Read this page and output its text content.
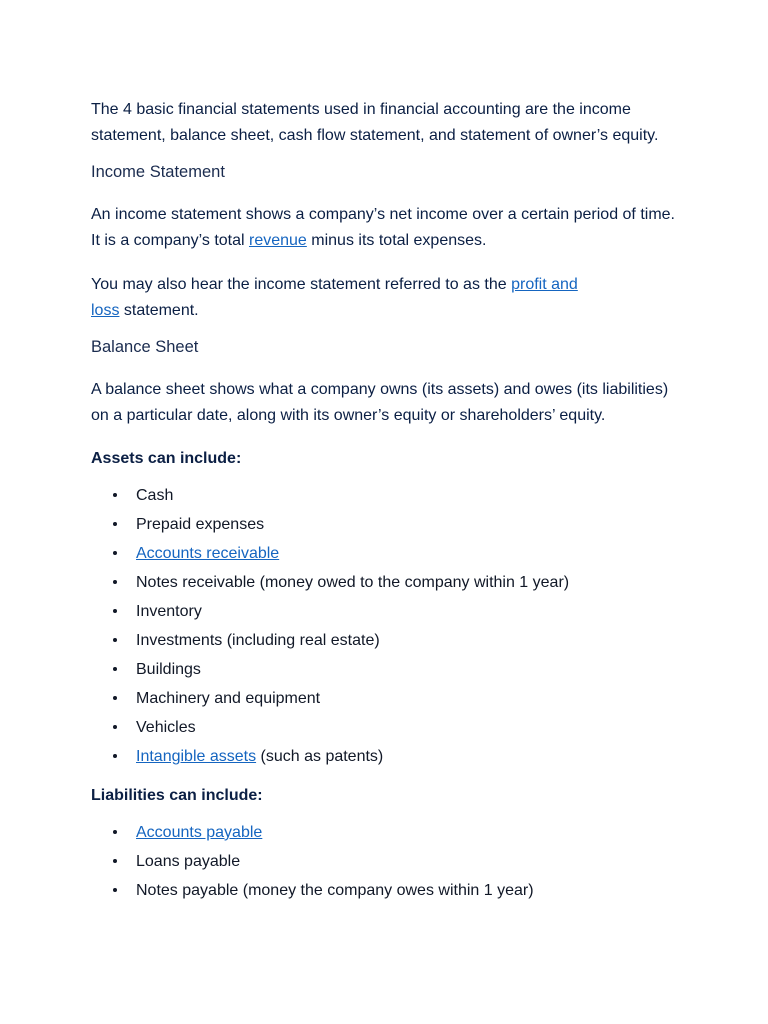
The 4 basic financial statements used in financial accounting are the income statement, balance sheet, cash flow statement, and statement of owner’s equity.

Income Statement

An income statement shows a company’s net income over a certain period of time.
It is a company’s total revenue minus its total expenses.

You may also hear the income statement referred to as the profit and
loss statement.

Balance Sheet

A balance sheet shows what a company owns (its assets) and owes (its liabilities)
on a particular date, along with its owner’s equity or shareholders’ equity.

Assets can include:
Cash
Prepaid expenses
Accounts receivable
Notes receivable (money owed to the company within 1 year)
Inventory
Investments (including real estate)
Buildings
Machinery and equipment
Vehicles
Intangible assets (such as patents)
Liabilities can include:
Accounts payable
Loans payable
Notes payable (money the company owes within 1 year)
